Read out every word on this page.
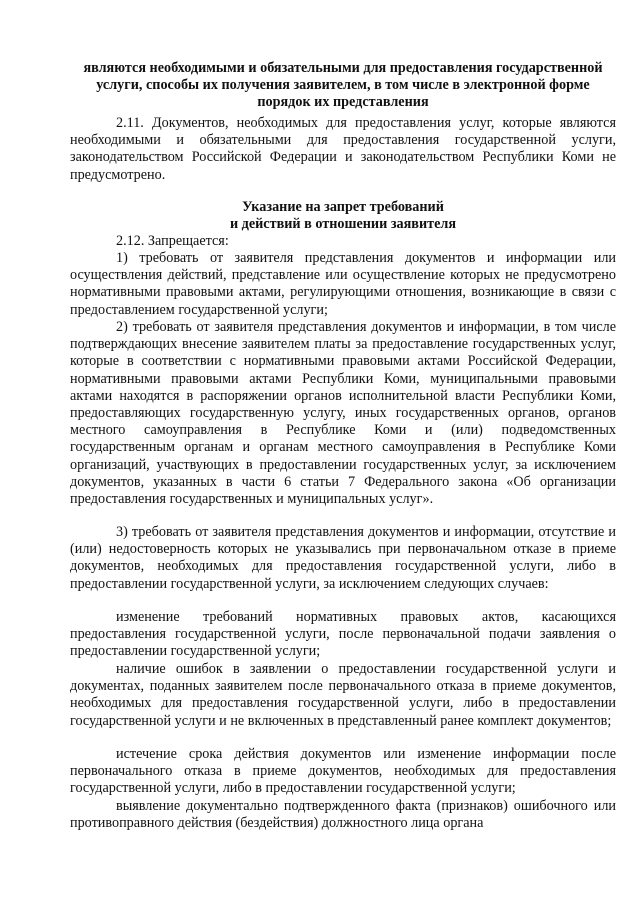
являются необходимыми и обязательными для предоставления государственной услуги, способы их получения заявителем, в том числе в электронной форме порядок их представления

2.11. Документов, необходимых для предоставления услуг, которые являются необходимыми и обязательными для предоставления государственной услуги, законодательством Российской Федерации и законодательством Республики Коми не предусмотрено.

Указание на запрет требований
и действий в отношении заявителя

2.12. Запрещается:

1) требовать от заявителя представления документов и информации или осуществления действий, представление или осуществление которых не предусмотрено нормативными правовыми актами, регулирующими отношения, возникающие в связи с предоставлением государственной услуги;

2) требовать от заявителя представления документов и информации, в том числе подтверждающих внесение заявителем платы за предоставление государственных услуг, которые в соответствии с нормативными правовыми актами Российской Федерации, нормативными правовыми актами Республики Коми, муниципальными правовыми актами находятся в распоряжении органов исполнительной власти Республики Коми, предоставляющих государственную услугу, иных государственных органов, органов местного самоуправления в Республике Коми и (или) подведомственных государственным органам и органам местного самоуправления в Республике Коми организаций, участвующих в предоставлении государственных услуг, за исключением документов, указанных в части 6 статьи 7 Федерального закона «Об организации предоставления государственных и муниципальных услуг».

3) требовать от заявителя представления документов и информации, отсутствие и (или) недостоверность которых не указывались при первоначальном отказе в приеме документов, необходимых для предоставления государственной услуги, либо в предоставлении государственной услуги, за исключением следующих случаев:

изменение требований нормативных правовых актов, касающихся предоставления государственной услуги, после первоначальной подачи заявления о предоставлении государственной услуги;

наличие ошибок в заявлении о предоставлении государственной услуги и документах, поданных заявителем после первоначального отказа в приеме документов, необходимых для предоставления государственной услуги, либо в предоставлении государственной услуги и не включенных в представленный ранее комплект документов;

истечение срока действия документов или изменение информации после первоначального отказа в приеме документов, необходимых для предоставления государственной услуги, либо в предоставлении государственной услуги;

выявление документально подтвержденного факта (признаков) ошибочного или противоправного действия (бездействия) должностного лица органа
